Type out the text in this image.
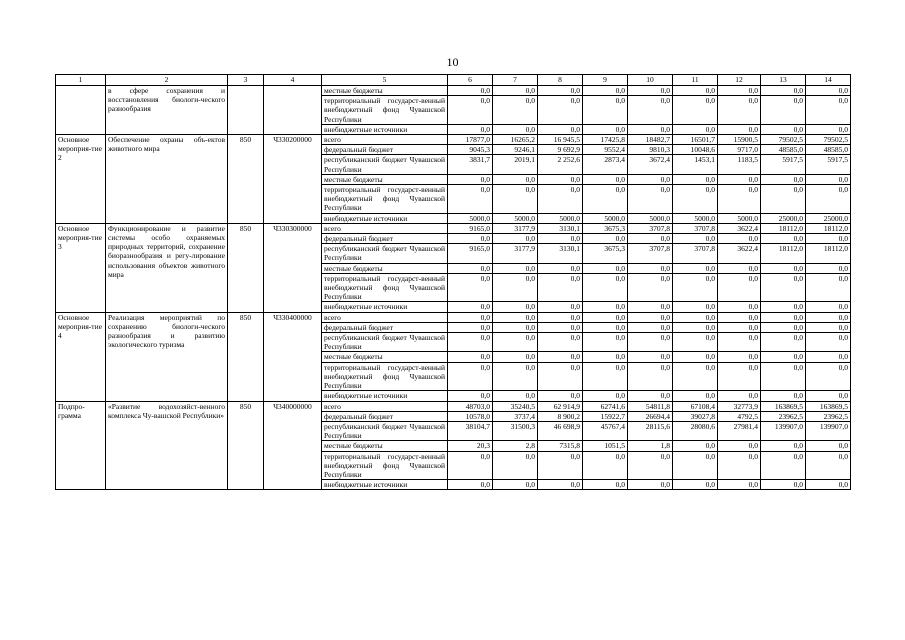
10
1	2	3	4	5	6	7	8	9	10	11	12	13	14
	в сфере сохранения и восстановления биологи-ческого разнообразия			местные бюджеты	0,0	0,0	0,0	0,0	0,0	0,0	0,0	0,0	0,0
				территориальный государст-венный внебюджетный фонд Чувашской Республики	0,0	0,0	0,0	0,0	0,0	0,0	0,0	0,0	0,0
				внебюджетные источники	0,0	0,0	0,0	0,0	0,0	0,0	0,0	0,0	0,0
Основное мероприя-тие 2	Обеспечение охраны объ-ектов животного мира	850	Ч330200000	всего	17877,0	16265,2	16 945,5	17425,8	18482,7	16501,7	15900,5	79502,5	79502,5
				федеральный бюджет	9045,3	9246,1	9 692,9	9552,4	9810,3	10048,6	9717,0	48585,0	48585,0
				республиканский бюджет Чувашской Республики	3831,7	2019,1	2 252,6	2873,4	3672,4	1453,1	1183,5	5917,5	5917,5
				местные бюджеты	0,0	0,0	0,0	0,0	0,0	0,0	0,0	0,0	0,0
				территориальный государст-венный внебюджетный фонд Чувашской Республики	0,0	0,0	0,0	0,0	0,0	0,0	0,0	0,0	0,0
				внебюджетные источники	5000,0	5000,0	5000,0	5000,0	5000,0	5000,0	5000,0	25000,0	25000,0
Основное мероприя-тие 3	Функционирование и развитие системы особо охраняемых природных территорий, сохранение биоразнообразия и регу-лирование использования объектов животного мира	850	Ч330300000	всего	9165,0	3177,9	3130,1	3675,3	3707,8	3707,8	3622,4	18112,0	18112,0
				федеральный бюджет	0,0	0,0	0,0	0,0	0,0	0,0	0,0	0,0	0,0
				республиканский бюджет Чувашской Республики	9165,0	3177,9	3130,1	3675,3	3707,8	3707,8	3622,4	18112,0	18112,0
				местные бюджеты	0,0	0,0	0,0	0,0	0,0	0,0	0,0	0,0	0,0
				территориальный государст-венный внебюджетный фонд Чувашской Республики	0,0	0,0	0,0	0,0	0,0	0,0	0,0	0,0	0,0
				внебюджетные источники	0,0	0,0	0,0	0,0	0,0	0,0	0,0	0,0	0,0
Основное мероприя-тие 4	Реализация мероприятий по сохранению биологи-ческого разнообразия и развитию экологического туризма	850	Ч330400000	всего	0,0	0,0	0,0	0,0	0,0	0,0	0,0	0,0	0,0
				федеральный бюджет	0,0	0,0	0,0	0,0	0,0	0,0	0,0	0,0	0,0
				республиканский бюджет Чувашской Республики	0,0	0,0	0,0	0,0	0,0	0,0	0,0	0,0	0,0
				местные бюджеты	0,0	0,0	0,0	0,0	0,0	0,0	0,0	0,0	0,0
				территориальный государст-венный внебюджетный фонд Чувашской Республики	0,0	0,0	0,0	0,0	0,0	0,0	0,0	0,0	0,0
				внебюджетные источники	0,0	0,0	0,0	0,0	0,0	0,0	0,0	0,0	0,0
Подпро-грамма	«Развитие водохозяйст-венного комплекса Чу-вашской Республики»	850	Ч340000000	всего	48703,0	35240,5	62 914,9	62741,6	54811,8	67108,4	32773,9	163869,5	163869,5
				федеральный бюджет	10578,0	3737,4	8 900,2	15922,7	26694,4	39027,8	4792,5	23962,5	23962,5
				республиканский бюджет Чувашской Республики	38104,7	31500,3	46 698,9	45767,4	28115,6	28080,6	27981,4	139907,0	139907,0
				местные бюджеты	20,3	2,8	7315,8	1051,5	1,8	0,0	0,0	0,0	0,0
				территориальный государст-венный внебюджетный фонд Чувашской Республики	0,0	0,0	0,0	0,0	0,0	0,0	0,0	0,0	0,0
				внебюджетные источники	0,0	0,0	0,0	0,0	0,0	0,0	0,0	0,0	0,0
